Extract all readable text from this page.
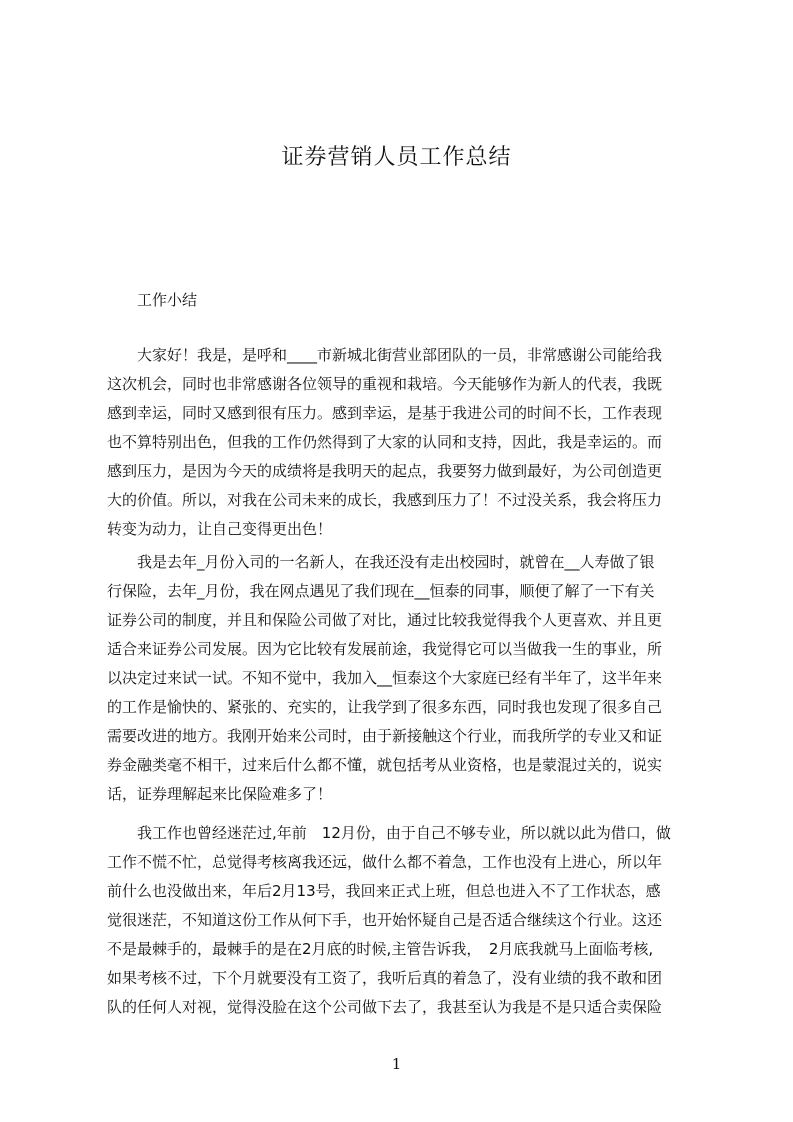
证券营销人员工作总结
工作小结
　　大家好！我是，是呼和____市新城北街营业部团队的一员，非常感谢公司能给我
这次机会，同时也非常感谢各位领导的重视和栽培。今天能够作为新人的代表，我既
感到幸运，同时又感到很有压力。感到幸运，是基于我进公司的时间不长，工作表现
也不算特别出色，但我的工作仍然得到了大家的认同和支持，因此，我是幸运的。而
感到压力，是因为今天的成绩将是我明天的起点，我要努力做到最好，为公司创造更
大的价值。所以，对我在公司未来的成长，我感到压力了！不过没关系，我会将压力
转变为动力，让自己变得更出色！
　　我是去年_月份入司的一名新人，在我还没有走出校园时，就曾在__人寿做了银
行保险，去年_月份，我在网点遇见了我们现在__恒泰的同事，顺便了解了一下有关
证券公司的制度，并且和保险公司做了对比，通过比较我觉得我个人更喜欢、并且更
适合来证券公司发展。因为它比较有发展前途，我觉得它可以当做我一生的事业，所
以决定过来试一试。不知不觉中，我加入__恒泰这个大家庭已经有半年了，这半年来
的工作是愉快的、紧张的、充实的，让我学到了很多东西，同时我也发现了很多自己
需要改进的地方。我刚开始来公司时，由于新接触这个行业，而我所学的专业又和证
券金融类毫不相干，过来后什么都不懂，就包括考从业资格，也是蒙混过关的，说实
话，证券理解起来比保险难多了！
　　我工作也曾经迷茫过,年前　12月份，由于自己不够专业，所以就以此为借口，做
工作不慌不忙，总觉得考核离我还远，做什么都不着急，工作也没有上进心，所以年
前什么也没做出来，年后2月13号，我回来正式上班，但总也进入不了工作状态，感
觉很迷茫，不知道这份工作从何下手，也开始怀疑自己是否适合继续这个行业。这还
不是最棘手的，最棘手的是在2月底的时候,主管告诉我，　2月底我就马上面临考核,
如果考核不过，下个月就要没有工资了，我听后真的着急了，没有业绩的我不敢和团
队的任何人对视，觉得没脸在这个公司做下去了，我甚至认为我是不是只适合卖保险
1
